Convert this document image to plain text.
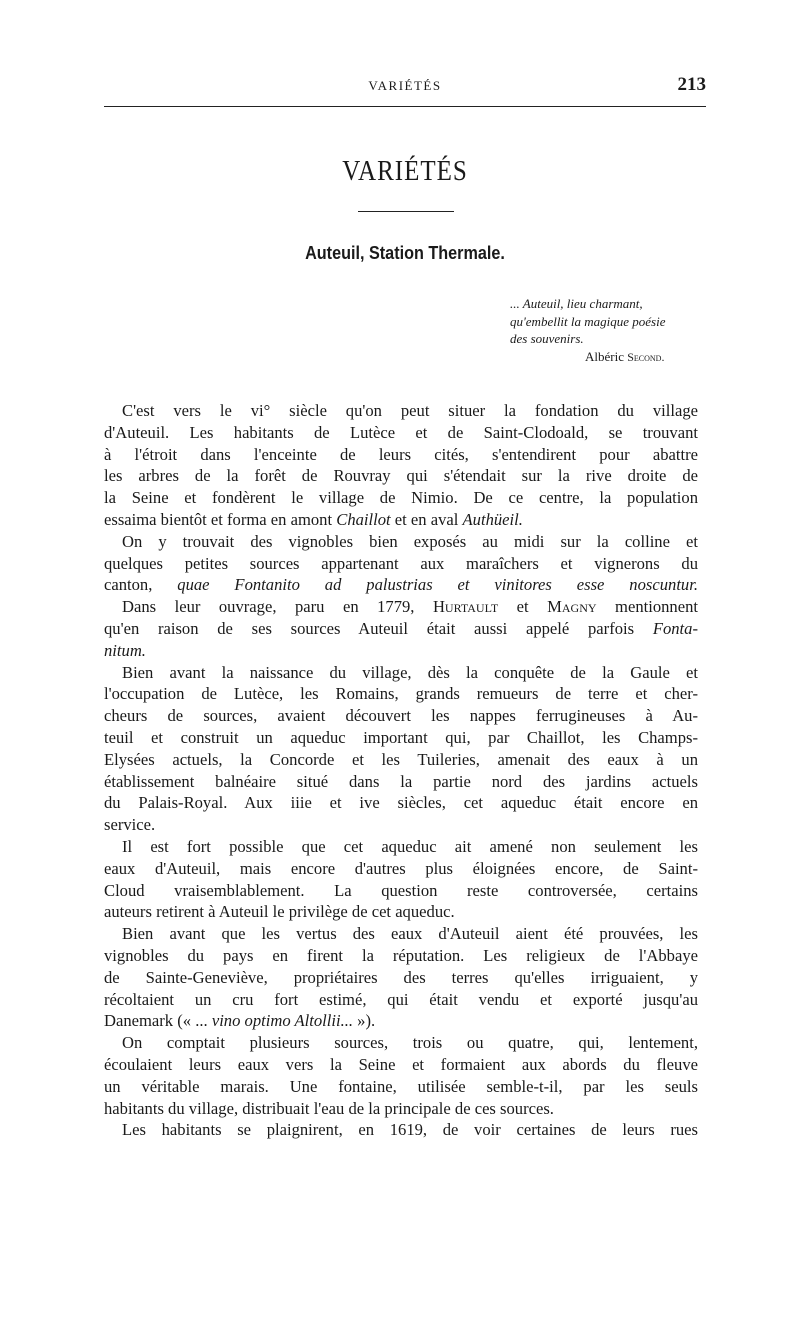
VARIÉTÉS	213
VARIÉTÉS
Auteuil, Station Thermale.
... Auteuil, lieu charmant,
qu'embellit la magique poésie
des souvenirs.
Albéric Second.
C'est vers le vi° siècle qu'on peut situer la fondation du village
d'Auteuil. Les habitants de Lutèce et de Saint-Clodoald, se trouvant
à l'étroit dans l'enceinte de leurs cités, s'entendirent pour abattre
les arbres de la forêt de Rouvray qui s'étendait sur la rive droite de
la Seine et fondèrent le village de Nimio. De ce centre, la population
essaima bientôt et forma en amont Chaillot et en aval Authüeil.
On y trouvait des vignobles bien exposés au midi sur la colline et
quelques petites sources appartenant aux maraîchers et vignerons du
canton, quae Fontanito ad palustrias et vinitores esse noscuntur.
Dans leur ouvrage, paru en 1779, Hurtault et Magny mentionnent
qu'en raison de ses sources Auteuil était aussi appelé parfois Fonta-
nitum.
Bien avant la naissance du village, dès la conquête de la Gaule et
l'occupation de Lutèce, les Romains, grands remueurs de terre et cher-
cheurs de sources, avaient découvert les nappes ferrugineuses à Au-
teuil et construit un aqueduc important qui, par Chaillot, les Champs-
Elysées actuels, la Concorde et les Tuileries, amenait des eaux à un
établissement balnéaire situé dans la partie nord des jardins actuels
du Palais-Royal. Aux iiie et ive siècles, cet aqueduc était encore en
service.
Il est fort possible que cet aqueduc ait amené non seulement les
eaux d'Auteuil, mais encore d'autres plus éloignées encore, de Saint-
Cloud vraisemblablement. La question reste controversée, certains
auteurs retirent à Auteuil le privilège de cet aqueduc.
Bien avant que les vertus des eaux d'Auteuil aient été prouvées, les
vignobles du pays en firent la réputation. Les religieux de l'Abbaye
de Sainte-Geneviève, propriétaires des terres qu'elles irriguaient, y
récoltaient un cru fort estimé, qui était vendu et exporté jusqu'au
Danemark (« ... vino optimo Altollii... »).
On comptait plusieurs sources, trois ou quatre, qui, lentement,
écoulaient leurs eaux vers la Seine et formaient aux abords du fleuve
un véritable marais. Une fontaine, utilisée semble-t-il, par les seuls
habitants du village, distribuait l'eau de la principale de ces sources.
Les habitants se plaignirent, en 1619, de voir certaines de leurs rues
